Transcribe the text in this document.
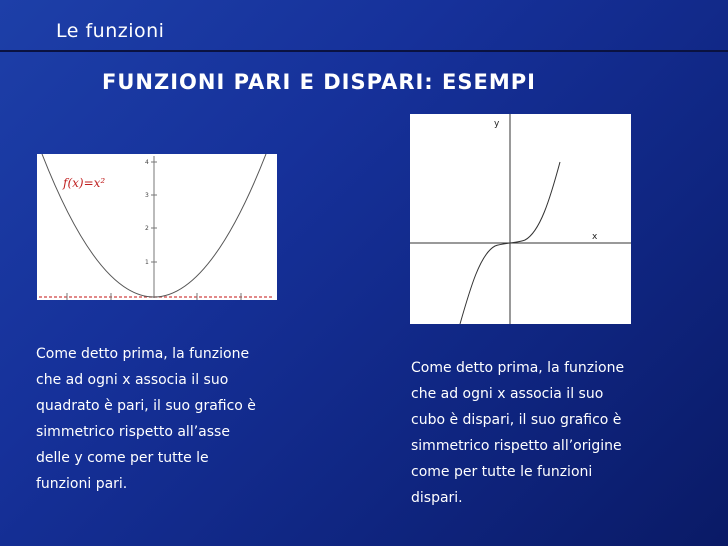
Le funzioni
FUNZIONI PARI E DISPARI: ESEMPI
4
3
2
1
f(x)=x²
y
x

Come detto prima, la funzione
che ad ogni x associa il suo
quadrato è pari, il suo grafico è
simmetrico rispetto all’asse
delle y come per tutte le
funzioni pari.

Come detto prima, la funzione
che ad ogni x associa il suo
cubo è dispari, il suo grafico è
simmetrico rispetto all’origine
come per tutte le funzioni
dispari.
